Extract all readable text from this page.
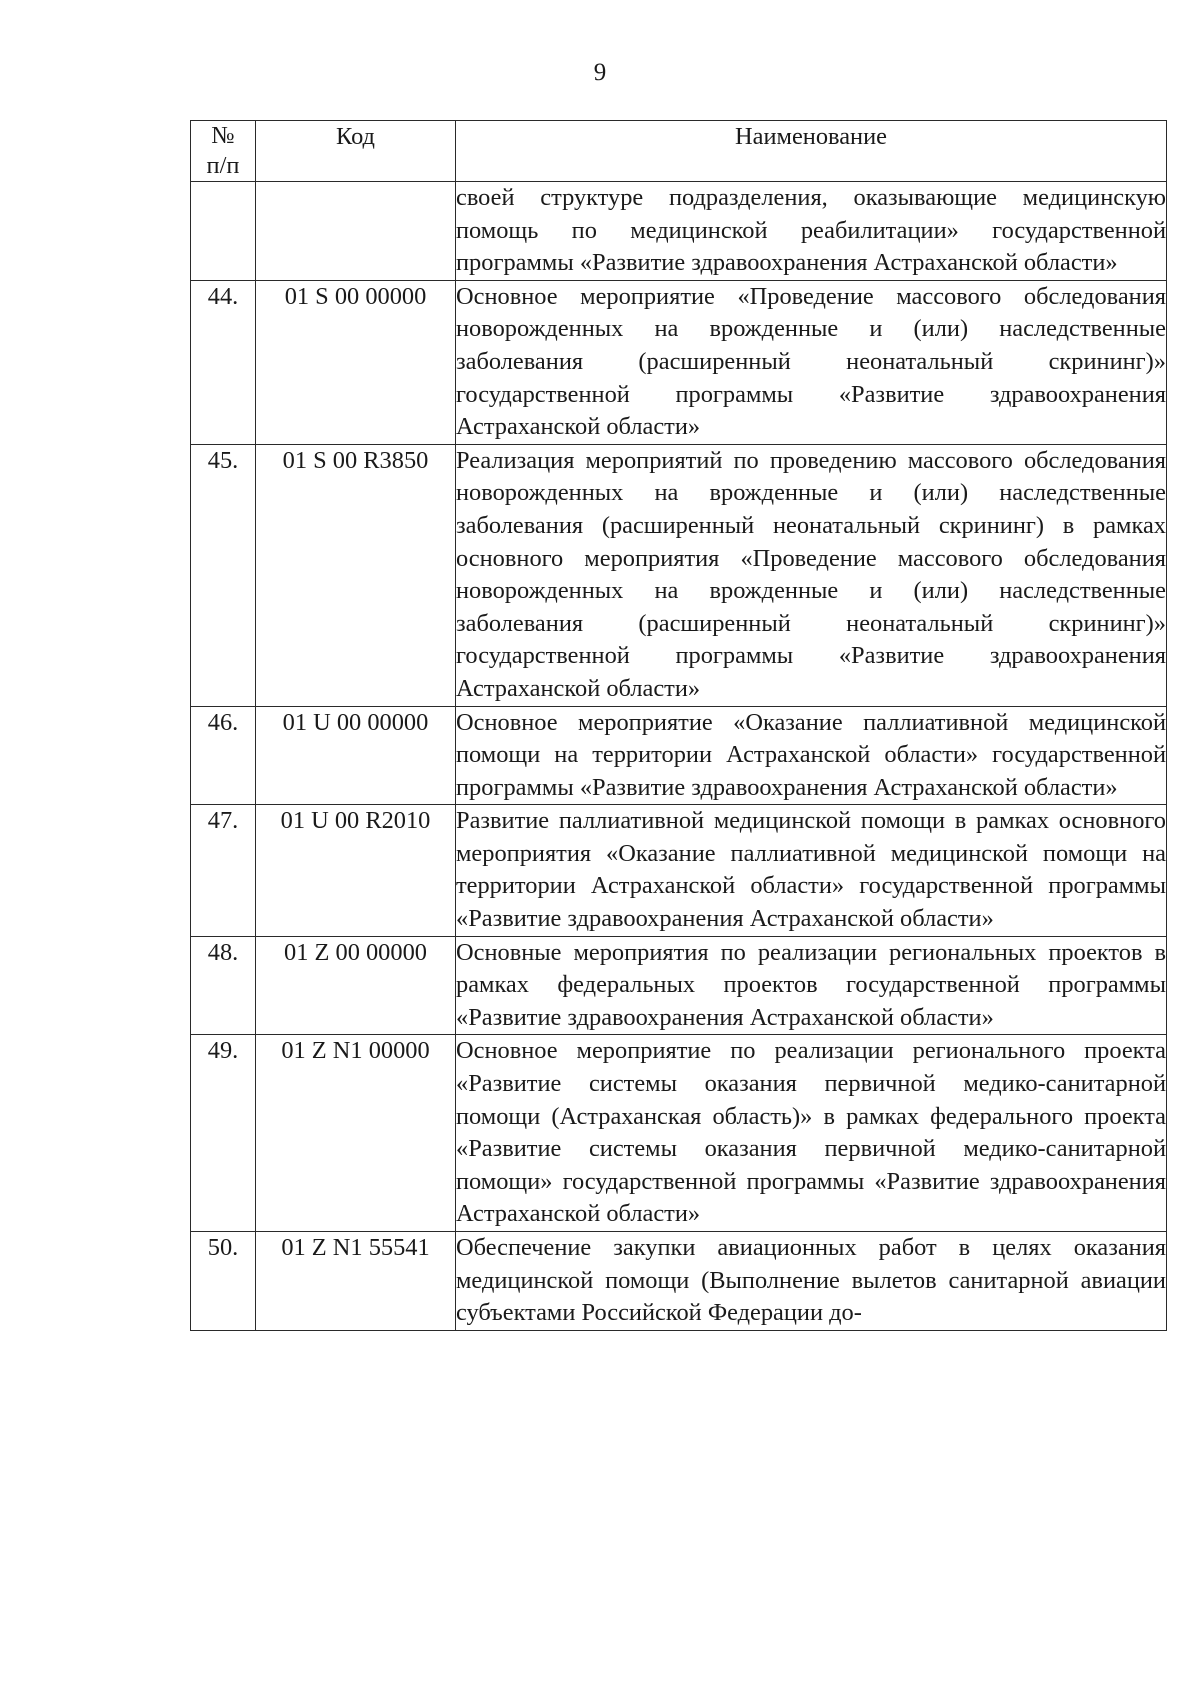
9
№
п/п	Код	Наименование

		своей структуре подразделения, оказывающие медицинскую помощь по медицинской реабилитации» государственной программы «Развитие здравоохранения Астраханской области»

44.	01 S 00 00000	Основное мероприятие «Проведение массового обследования новорожденных на врожденные и (или) наследственные заболевания (расширенный неонатальный скрининг)» государственной программы «Развитие здравоохранения Астраханской области»

45.	01 S 00 R3850	Реализация мероприятий по проведению массового обследования новорожденных на врожденные и (или) наследственные заболевания (расширенный неонатальный скрининг) в рамках основного мероприятия «Проведение массового обследования новорожденных на врожденные и (или) наследственные заболевания (расширенный неонатальный скрининг)» государственной программы «Развитие здравоохранения Астраханской области»

46.	01 U 00 00000	Основное мероприятие «Оказание паллиативной медицинской помощи на территории Астраханской области» государственной программы «Развитие здравоохранения Астраханской области»

47.	01 U 00 R2010	Развитие паллиативной медицинской помощи в рамках основного мероприятия «Оказание паллиативной медицинской помощи на территории Астраханской области» государственной программы «Развитие здравоохранения Астраханской области»

48.	01 Z 00 00000	Основные мероприятия по реализации региональных проектов в рамках федеральных проектов государственной программы «Развитие здравоохранения Астраханской области»

49.	01 Z N1 00000	Основное мероприятие по реализации регионального проекта «Развитие системы оказания первичной медико-санитарной помощи (Астраханская область)» в рамках федерального проекта «Развитие системы оказания первичной медико-санитарной помощи» государственной программы «Развитие здравоохранения Астраханской области»

50.	01 Z N1 55541	Обеспечение закупки авиационных работ в целях оказания медицинской помощи (Выполнение вылетов санитарной авиации субъектами Российской Федерации до-
